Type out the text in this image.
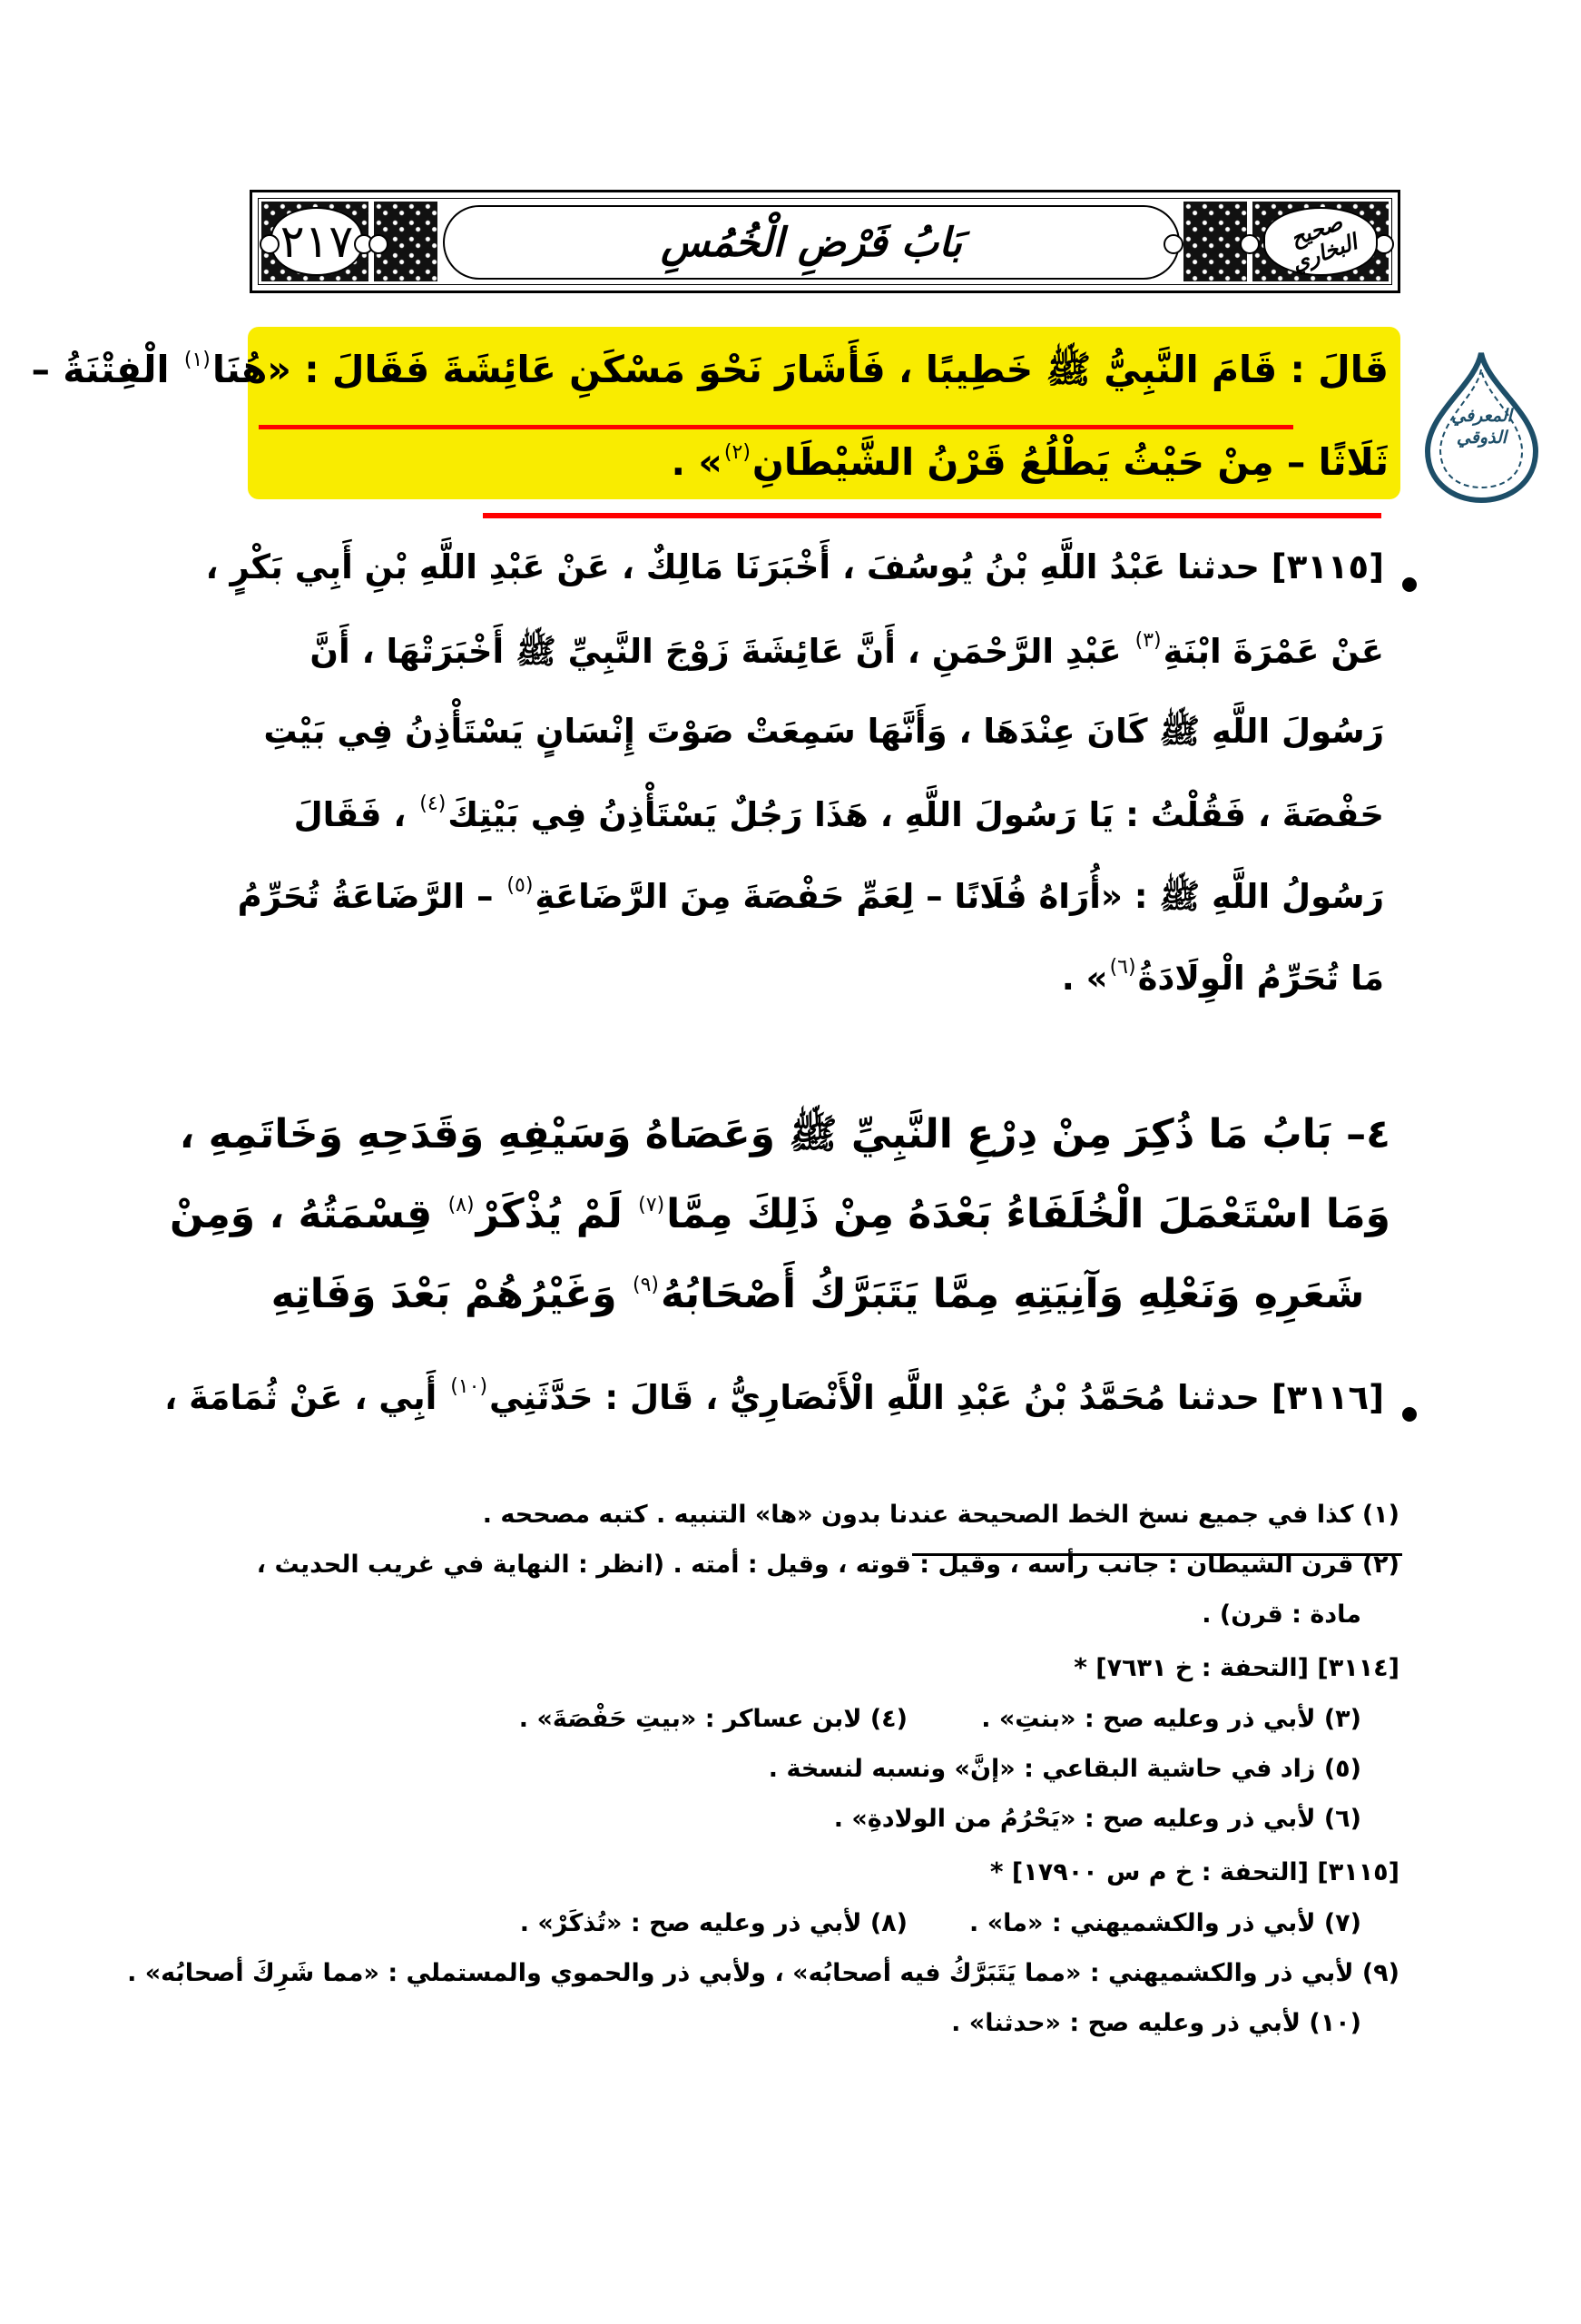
٢١٧	بَابُ فَرْضِ الْخُمُسِ	صحيح البخاري
قَالَ : قَامَ النَّبِيُّ ﷺ خَطِيبًا ، فَأَشَارَ نَحْوَ مَسْكَنِ عَائِشَةَ فَقَالَ : «هُنَا$^{(١)}$ الْفِتْنَةُ –
ثَلَاثًا – مِنْ حَيْثُ يَطْلُعُ قَرْنُ الشَّيْطَانِ$^{(٢)}$» .
المعرفي الذوقي
[٣١١٥] حدثنا عَبْدُ اللَّهِ بْنُ يُوسُفَ ، أَخْبَرَنَا مَالِكٌ ، عَنْ عَبْدِ اللَّهِ بْنِ أَبِي بَكْرٍ ،
عَنْ عَمْرَةَ ابْنَةِ$^{(٣)}$ عَبْدِ الرَّحْمَنِ ، أَنَّ عَائِشَةَ زَوْجَ النَّبِيِّ ﷺ أَخْبَرَتْهَا ، أَنَّ
رَسُولَ اللَّهِ ﷺ كَانَ عِنْدَهَا ، وَأَنَّهَا سَمِعَتْ صَوْتَ إِنْسَانٍ يَسْتَأْذِنُ فِي بَيْتِ
حَفْصَةَ ، فَقُلْتُ : يَا رَسُولَ اللَّهِ ، هَذَا رَجُلٌ يَسْتَأْذِنُ فِي بَيْتِكَ$^{(٤)}$ ، فَقَالَ
رَسُولُ اللَّهِ ﷺ : «أُرَاهُ فُلَانًا – لِعَمِّ حَفْصَةَ مِنَ الرَّضَاعَةِ$^{(٥)}$ – الرَّضَاعَةُ تُحَرِّمُ
مَا تُحَرِّمُ الْوِلَادَةُ$^{(٦)}$» .
٤– بَابُ مَا ذُكِرَ مِنْ دِرْعِ النَّبِيِّ ﷺ وَعَصَاهُ وَسَيْفِهِ وَقَدَحِهِ وَخَاتَمِهِ ،
وَمَا اسْتَعْمَلَ الْخُلَفَاءُ بَعْدَهُ مِنْ ذَلِكَ مِمَّا$^{(٧)}$ لَمْ يُذْكَرْ$^{(٨)}$ قِسْمَتُهُ ، وَمِنْ
شَعَرِهِ وَنَعْلِهِ وَآنِيَتِهِ مِمَّا يَتَبَرَّكُ أَصْحَابُهُ$^{(٩)}$ وَغَيْرُهُمْ بَعْدَ وَفَاتِهِ
[٣١١٦] حدثنا مُحَمَّدُ بْنُ عَبْدِ اللَّهِ الْأَنْصَارِيُّ ، قَالَ : حَدَّثَنِي$^{(١٠)}$ أَبِي ، عَنْ ثُمَامَةَ ،
(١) كذا في جميع نسخ الخط الصحيحة عندنا بدون «ها» التنبيه . كتبه مصححه .
(٢) قرن الشيطان : جانب رأسه ، وقيل : قوته ، وقيل : أمته . (انظر : النهاية في غريب الحديث ،
مادة : قرن) .
[٣١١٤] [التحفة : خ ٧٦٣١] *
(٣) لأبي ذر وعليه صح : «بنتِ» .
(٤) لابن عساكر : «بيتِ حَفْصَةَ» .
(٥) زاد في حاشية البقاعي : «إنَّ» ونسبه لنسخة .
(٦) لأبي ذر وعليه صح : «يَحْرُمُ من الولادةِ» .
[٣١١٥] [التحفة : خ م س ١٧٩٠٠] *
(٧) لأبي ذر والكشميهني : «ما» .
(٨) لأبي ذر وعليه صح : «تُذكَرْ» .
(٩) لأبي ذر والكشميهني : «مما يَتَبَرَّكُ فيه أصحابُه» ، ولأبي ذر والحموي والمستملي : «مما شَرِكَ أصحابُه» .
(١٠) لأبي ذر وعليه صح : «حدثنا» .
